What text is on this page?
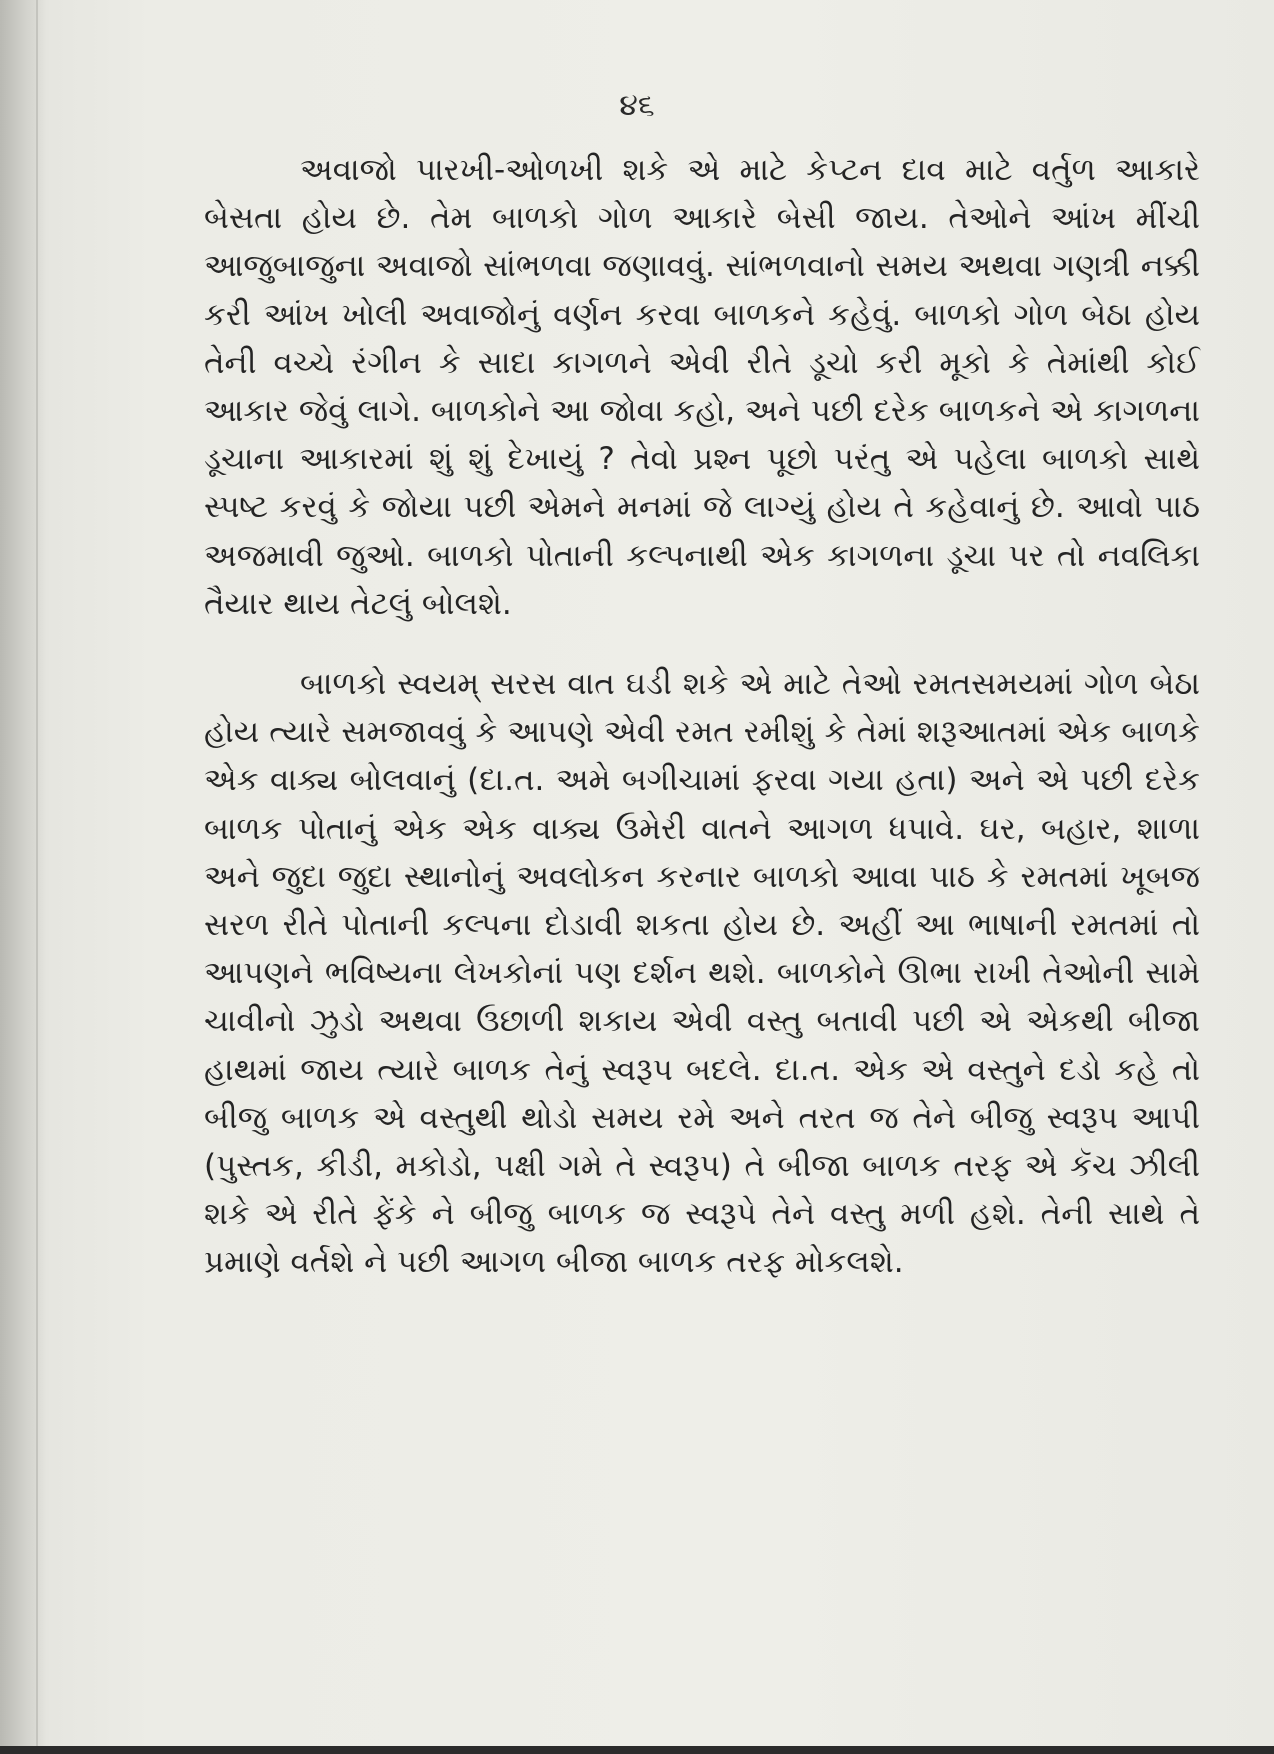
૪૬

અવાજો પારખી-ઓળખી શકે એ માટે કેપ્ટન દાવ માટે વર્તુળ આકારે બેસતા હોય છે. તેમ બાળકો ગોળ આકારે બેસી જાય. તેઓને આંખ મીંચી આજુબાજુના અવાજો સાંભળવા જણાવવું. સાંભળવાનો સમય અથવા ગણત્રી નક્કી કરી આંખ ખોલી અવાજોનું વર્ણન કરવા બાળકને કહેવું. બાળકો ગોળ બેઠા હોય તેની વચ્ચે રંગીન કે સાદા કાગળને એવી રીતે ડૂચો કરી મૂકો કે તેમાંથી કોઈ આકાર જેવું લાગે. બાળકોને આ જોવા કહો, અને પછી દરેક બાળકને એ કાગળના ડૂચાના આકારમાં શું શું દેખાયું ? તેવો પ્રશ્ન પૂછો પરંતુ એ પહેલા બાળકો સાથે સ્પષ્ટ કરવું કે જોયા પછી એમને મનમાં જે લાગ્યું હોય તે કહેવાનું છે. આવો પાઠ અજમાવી જુઓ. બાળકો પોતાની કલ્પનાથી એક કાગળના ડૂચા પર તો નવલિકા તૈયાર થાય તેટલું બોલશે.

બાળકો સ્વયમ્ સરસ વાત ઘડી શકે એ માટે તેઓ રમતસમયમાં ગોળ બેઠા હોય ત્યારે સમજાવવું કે આપણે એવી રમત રમીશું કે તેમાં શરૂઆતમાં એક બાળકે એક વાક્ય બોલવાનું (દા.ત. અમે બગીચામાં ફરવા ગયા હતા) અને એ પછી દરેક બાળક પોતાનું એક એક વાક્ય ઉમેરી વાતને આગળ ધપાવે. ઘર, બહાર, શાળા અને જુદા જુદા સ્થાનોનું અવલોકન કરનાર બાળકો આવા પાઠ કે રમતમાં ખૂબજ સરળ રીતે પોતાની કલ્પના દોડાવી શકતા હોય છે. અહીં આ ભાષાની રમતમાં તો આપણને ભવિષ્યના લેખકોનાં પણ દર્શન થશે. બાળકોને ઊભા રાખી તેઓની સામે ચાવીનો ઝુડો અથવા ઉછાળી શકાય એવી વસ્તુ બતાવી પછી એ એકથી બીજા હાથમાં જાય ત્યારે બાળક તેનું સ્વરૂપ બદલે. દા.ત. એક એ વસ્તુને દડો કહે તો બીજુ બાળક એ વસ્તુથી થોડો સમય રમે અને તરત જ તેને બીજુ સ્વરૂપ આપી (પુસ્તક, કીડી, મકોડો, પક્ષી ગમે તે સ્વરૂપ) તે બીજા બાળક તરફ એ કૅચ ઝીલી શકે એ રીતે ફેંકે ને બીજુ બાળક જ સ્વરૂપે તેને વસ્તુ મળી હશે. તેની સાથે તે પ્રમાણે વર્તશે ને પછી આગળ બીજા બાળક તરફ મોકલશે.
